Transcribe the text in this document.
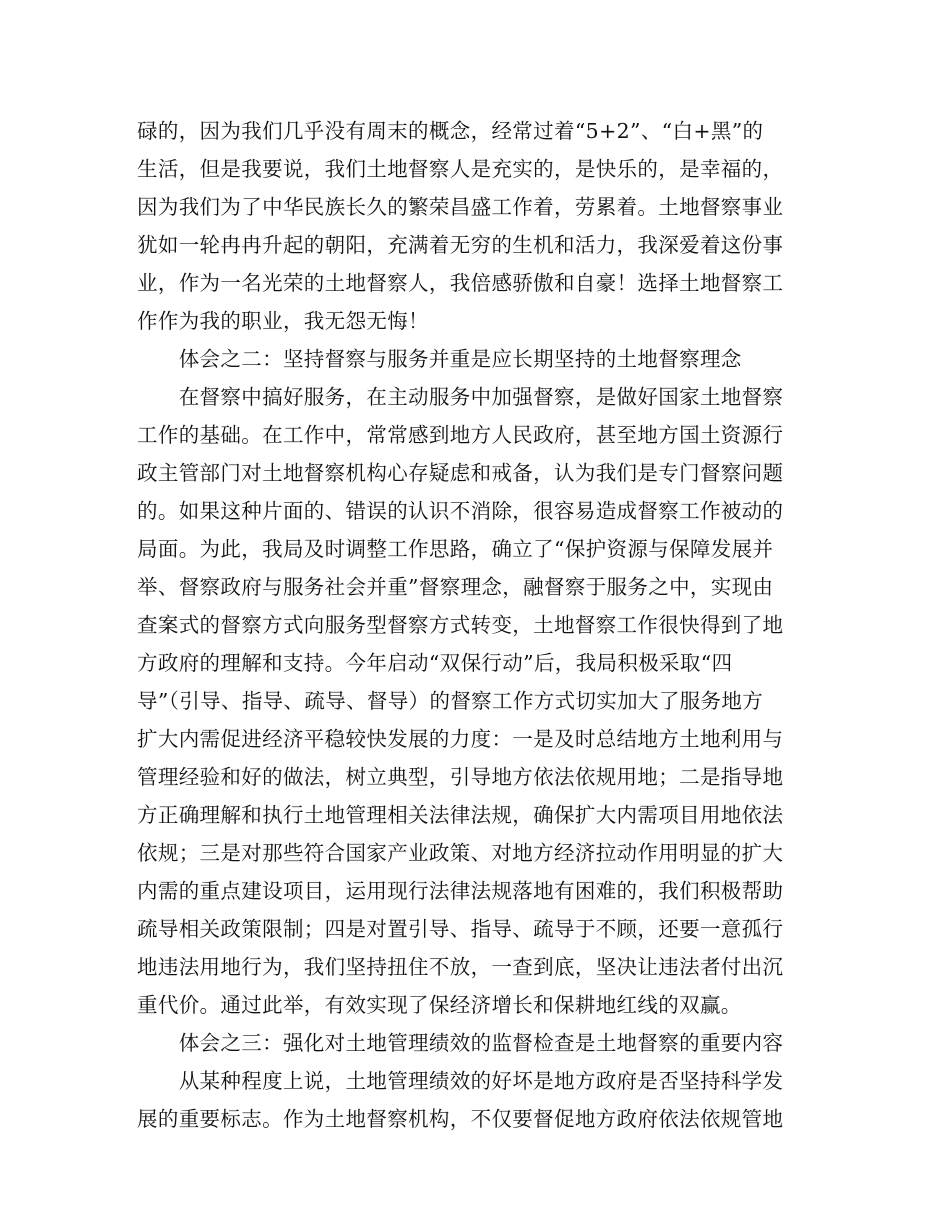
碌的，因为我们几乎没有周末的概念，经常过着“5+2”、“白+黑”的
生活，但是我要说，我们土地督察人是充实的，是快乐的，是幸福的，
因为我们为了中华民族长久的繁荣昌盛工作着，劳累着。土地督察事业
犹如一轮冉冉升起的朝阳，充满着无穷的生机和活力，我深爱着这份事
业，作为一名光荣的土地督察人，我倍感骄傲和自豪！选择土地督察工
作作为我的职业，我无怨无悔！
　　体会之二：坚持督察与服务并重是应长期坚持的土地督察理念
　　在督察中搞好服务，在主动服务中加强督察，是做好国家土地督察
工作的基础。在工作中，常常感到地方人民政府，甚至地方国土资源行
政主管部门对土地督察机构心存疑虑和戒备，认为我们是专门督察问题
的。如果这种片面的、错误的认识不消除，很容易造成督察工作被动的
局面。为此，我局及时调整工作思路，确立了“保护资源与保障发展并
举、督察政府与服务社会并重”督察理念，融督察于服务之中，实现由
查案式的督察方式向服务型督察方式转变，土地督察工作很快得到了地
方政府的理解和支持。今年启动“双保行动”后，我局积极采取“四
导”（引导、指导、疏导、督导）的督察工作方式切实加大了服务地方
扩大内需促进经济平稳较快发展的力度：一是及时总结地方土地利用与
管理经验和好的做法，树立典型，引导地方依法依规用地；二是指导地
方正确理解和执行土地管理相关法律法规，确保扩大内需项目用地依法
依规；三是对那些符合国家产业政策、对地方经济拉动作用明显的扩大
内需的重点建设项目，运用现行法律法规落地有困难的，我们积极帮助
疏导相关政策限制；四是对置引导、指导、疏导于不顾，还要一意孤行
地违法用地行为，我们坚持扭住不放，一查到底，坚决让违法者付出沉
重代价。通过此举，有效实现了保经济增长和保耕地红线的双赢。
　　体会之三：强化对土地管理绩效的监督检查是土地督察的重要内容
　　从某种程度上说，土地管理绩效的好坏是地方政府是否坚持科学发
展的重要标志。作为土地督察机构，不仅要督促地方政府依法依规管地
